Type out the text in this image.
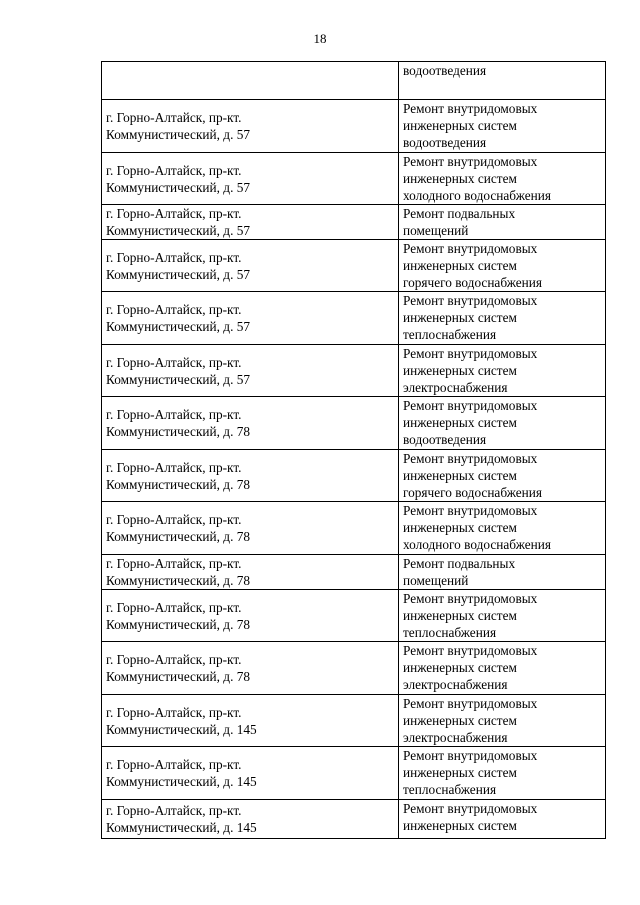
18

	водоотведения

г. Горно-Алтайск, пр-кт.
Коммунистический, д. 57	Ремонт внутридомовых
инженерных систем
водоотведения

г. Горно-Алтайск, пр-кт.
Коммунистический, д. 57	Ремонт внутридомовых
инженерных систем
холодного водоснабжения

г. Горно-Алтайск, пр-кт.
Коммунистический, д. 57	Ремонт подвальных
помещений

г. Горно-Алтайск, пр-кт.
Коммунистический, д. 57	Ремонт внутридомовых
инженерных систем
горячего водоснабжения

г. Горно-Алтайск, пр-кт.
Коммунистический, д. 57	Ремонт внутридомовых
инженерных систем
теплоснабжения

г. Горно-Алтайск, пр-кт.
Коммунистический, д. 57	Ремонт внутридомовых
инженерных систем
электроснабжения

г. Горно-Алтайск, пр-кт.
Коммунистический, д. 78	Ремонт внутридомовых
инженерных систем
водоотведения

г. Горно-Алтайск, пр-кт.
Коммунистический, д. 78	Ремонт внутридомовых
инженерных систем
горячего водоснабжения

г. Горно-Алтайск, пр-кт.
Коммунистический, д. 78	Ремонт внутридомовых
инженерных систем
холодного водоснабжения

г. Горно-Алтайск, пр-кт.
Коммунистический, д. 78	Ремонт подвальных
помещений

г. Горно-Алтайск, пр-кт.
Коммунистический, д. 78	Ремонт внутридомовых
инженерных систем
теплоснабжения

г. Горно-Алтайск, пр-кт.
Коммунистический, д. 78	Ремонт внутридомовых
инженерных систем
электроснабжения

г. Горно-Алтайск, пр-кт.
Коммунистический, д. 145	Ремонт внутридомовых
инженерных систем
электроснабжения

г. Горно-Алтайск, пр-кт.
Коммунистический, д. 145	Ремонт внутридомовых
инженерных систем
теплоснабжения

г. Горно-Алтайск, пр-кт.
Коммунистический, д. 145	Ремонт внутридомовых
инженерных систем
